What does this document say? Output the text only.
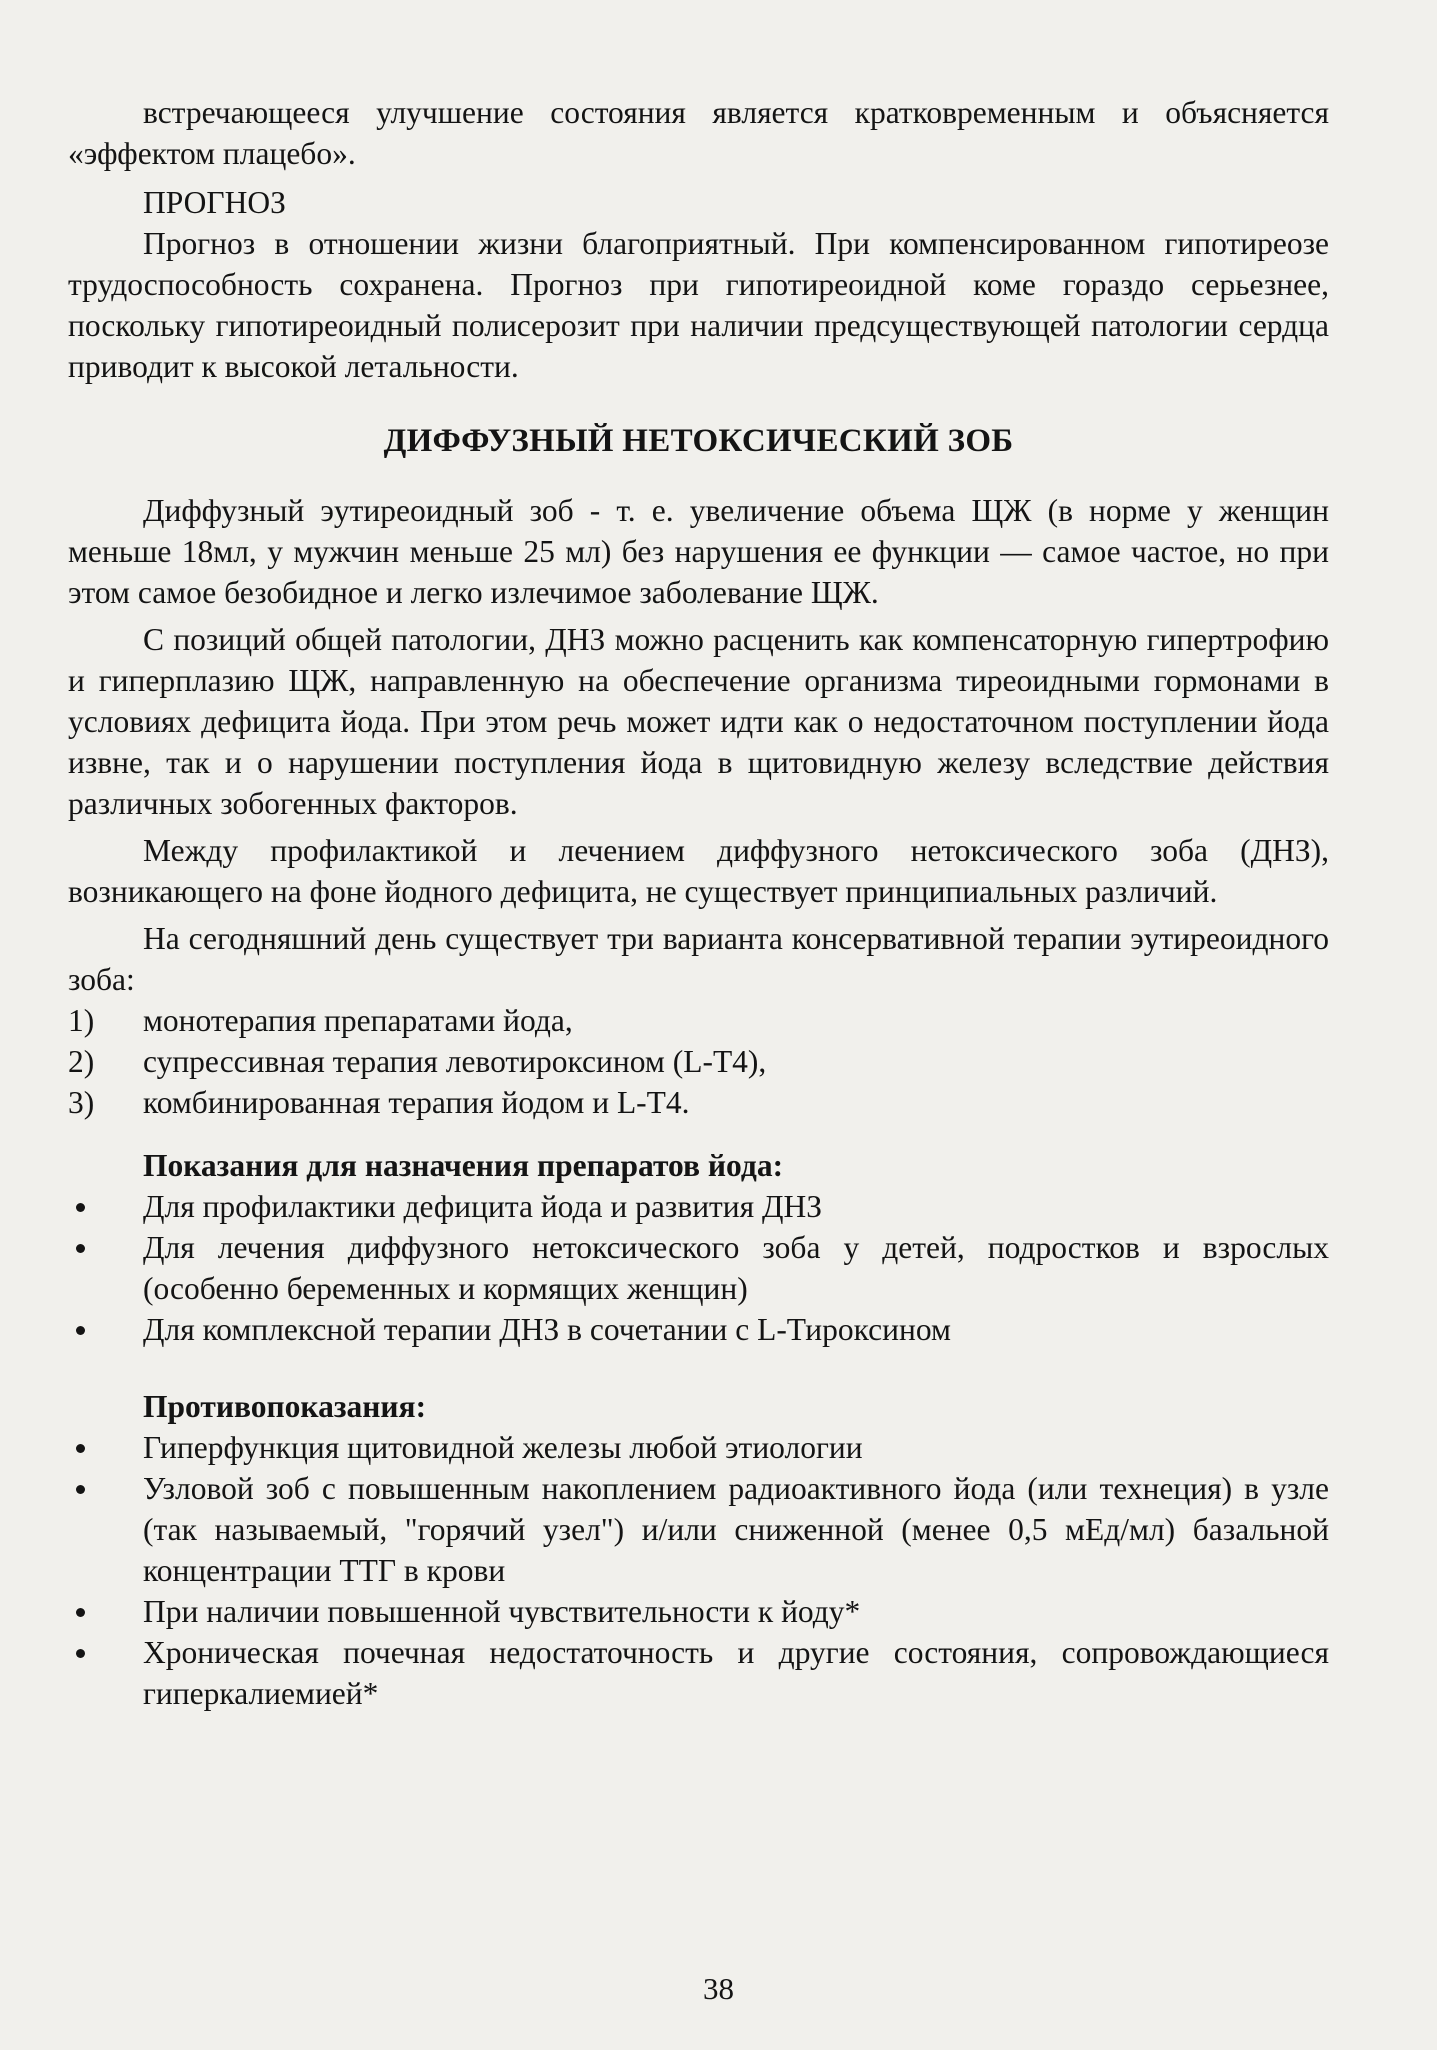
встречающееся улучшение состояния является кратковременным и объясняется «эффектом плацебо».

ПРОГНОЗ

Прогноз в отношении жизни благоприятный. При компенсированном гипотиреозе трудоспособность сохранена. Прогноз при гипотиреоидной коме гораздо серьезнее, поскольку гипотиреоидный полисерозит при наличии предсуществующей патологии сердца приводит к высокой летальности.

ДИФФУЗНЫЙ НЕТОКСИЧЕСКИЙ ЗОБ

Диффузный эутиреоидный зоб - т. е. увеличение объема ЩЖ (в норме у женщин меньше 18мл, у мужчин меньше 25 мл) без нарушения ее функции — самое частое, но при этом самое безобидное и легко излечимое заболевание ЩЖ.

С позиций общей патологии, ДНЗ можно расценить как компенсаторную гипертрофию и гиперплазию ЩЖ, направленную на обеспечение организма тиреоидными гормонами в условиях дефицита йода. При этом речь может идти как о недостаточном поступлении йода извне, так и о нарушении поступления йода в щитовидную железу вследствие действия различных зобогенных факторов.

Между профилактикой и лечением диффузного нетоксического зоба (ДНЗ), возникающего на фоне йодного дефицита, не существует принципиальных различий.

На сегодняшний день существует три варианта консервативной терапии эутиреоидного зоба:

1) монотерапия препаратами йода,
2) супрессивная терапия левотироксином (L-T4),
3) комбинированная терапия йодом и L-T4.

Показания для назначения препаратов йода:

Для профилактики дефицита йода и развития ДНЗ
Для лечения диффузного нетоксического зоба у детей, подростков и взрослых (особенно беременных и кормящих женщин)
Для комплексной терапии ДНЗ в сочетании с L-Тироксином

Противопоказания:

Гиперфункция щитовидной железы любой этиологии
Узловой зоб с повышенным накоплением радиоактивного йода (или технеция) в узле (так называемый, "горячий узел") и/или сниженной (менее 0,5 мЕд/мл) базальной концентрации ТТГ в крови
При наличии повышенной чувствительности к йоду*
Хроническая почечная недостаточность и другие состояния, сопровождающиеся гиперкалиемией*
38
